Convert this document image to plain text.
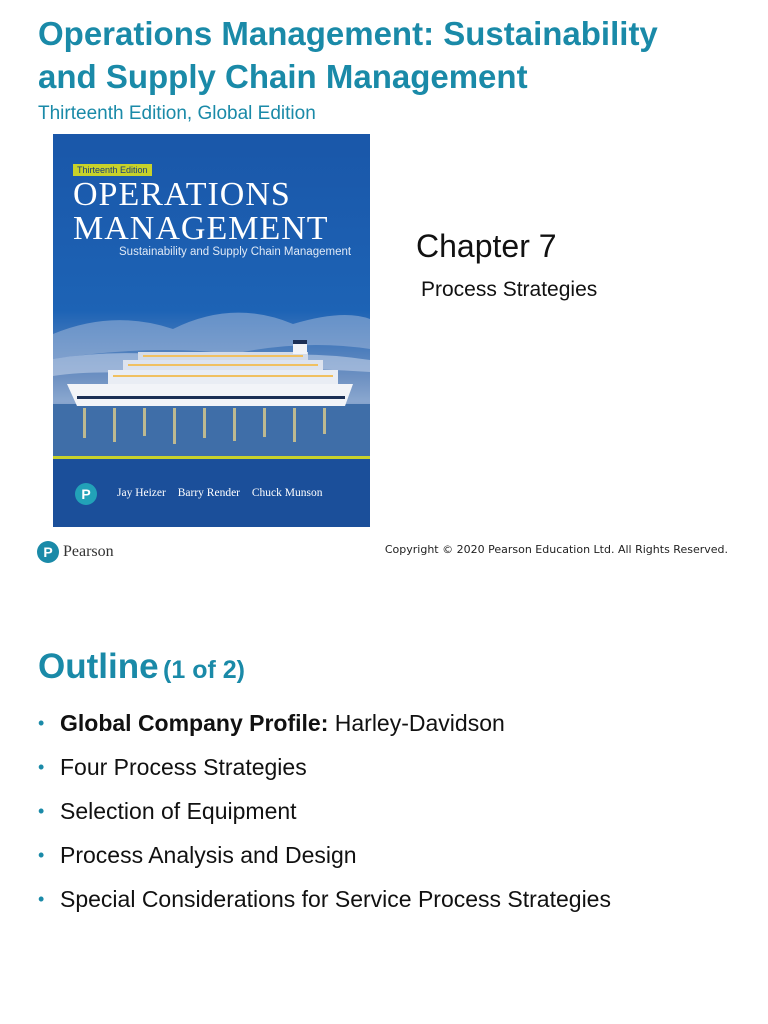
Operations Management: Sustainability
and Supply Chain Management
Thirteenth Edition, Global Edition
Thirteenth Edition
OPERATIONS
MANAGEMENT
Sustainability and Supply Chain Management
P	Jay Heizer Barry Render Chuck Munson
Chapter 7
Process Strategies
P Pearson	Copyright © 2020 Pearson Education Ltd. All Rights Reserved.
Outline (1 of 2)
• Global Company Profile: Harley-Davidson
• Four Process Strategies
• Selection of Equipment
• Process Analysis and Design
• Special Considerations for Service Process Strategies
